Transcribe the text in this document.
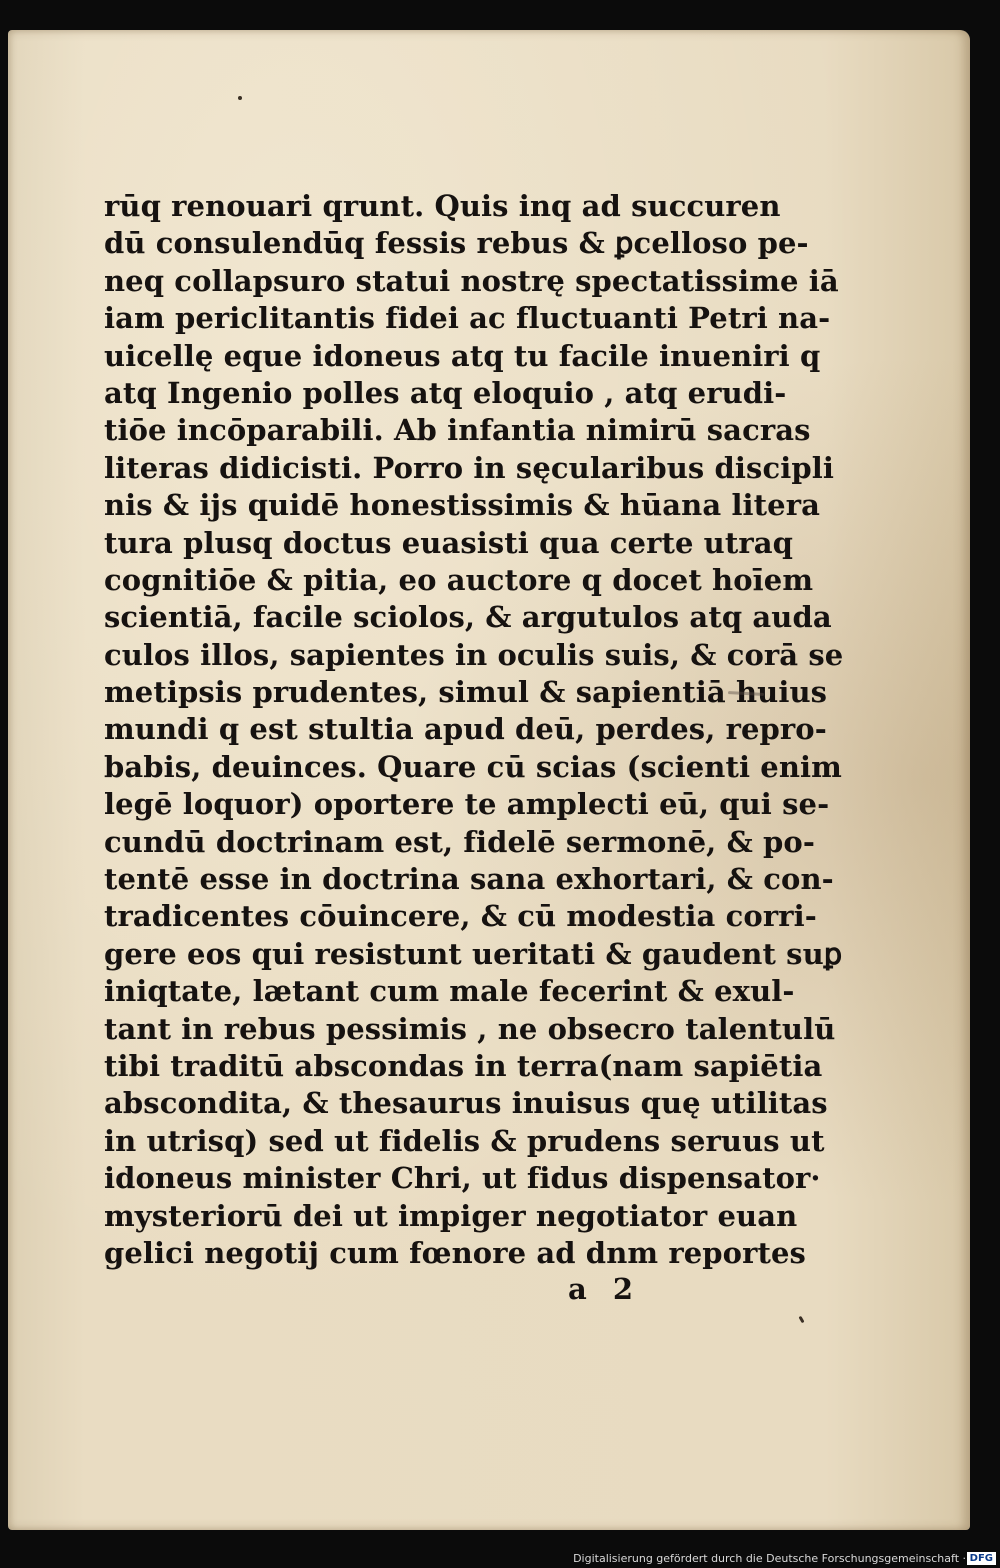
rūq renouari qrunt. Quis inq ad succuren
dū consulendūq fessis rebus & ꝑcelloso pe-
neq collapsuro statui nostrę spectatissime iā
iam periclitantis fidei ac fluctuanti Petri na-
uicellę eque idoneus atq tu facile inueniri q
atq Ingenio polles atq eloquio , atq erudi-
tiōe incōparabili. Ab infantia nimirū sacras
literas didicisti. Porro in sęcularibus discipli
nis & ijs quidē honestissimis & hūana litera
tura plusq doctus euasisti qua certe utraq
cognitiōe & pitia, eo auctore q docet hoīem
scientiā, facile sciolos, & argutulos atq auda
culos illos, sapientes in oculis suis, & corā se
metipsis prudentes, simul & sapientiā huius
mundi q est stultia apud deū, perdes, repro-
babis, deuinces. Quare cū scias (scienti enim
legē loquor) oportere te amplecti eū, qui se-
cundū doctrinam est, fidelē sermonē, & po-
tentē esse in doctrina sana exhortari, & con-
tradicentes cōuincere, & cū modestia corri-
gere eos qui resistunt ueritati & gaudent suꝑ
iniqtate, lætant cum male fecerint & exul-
tant in rebus pessimis , ne obsecro talentulū
tibi traditū abscondas in terra(nam sapiētia
abscondita, & thesaurus inuisus quę utilitas
in utrisq) sed ut fidelis & prudens seruus ut
idoneus minister Chri, ut fidus dispensator·
mysteriorū dei ut impiger negotiator euan
gelici negotij cum fœnore ad dnm reportes
a 2
Digitalisierung gefördert durch die Deutsche Forschungsgemeinschaft · DFG
